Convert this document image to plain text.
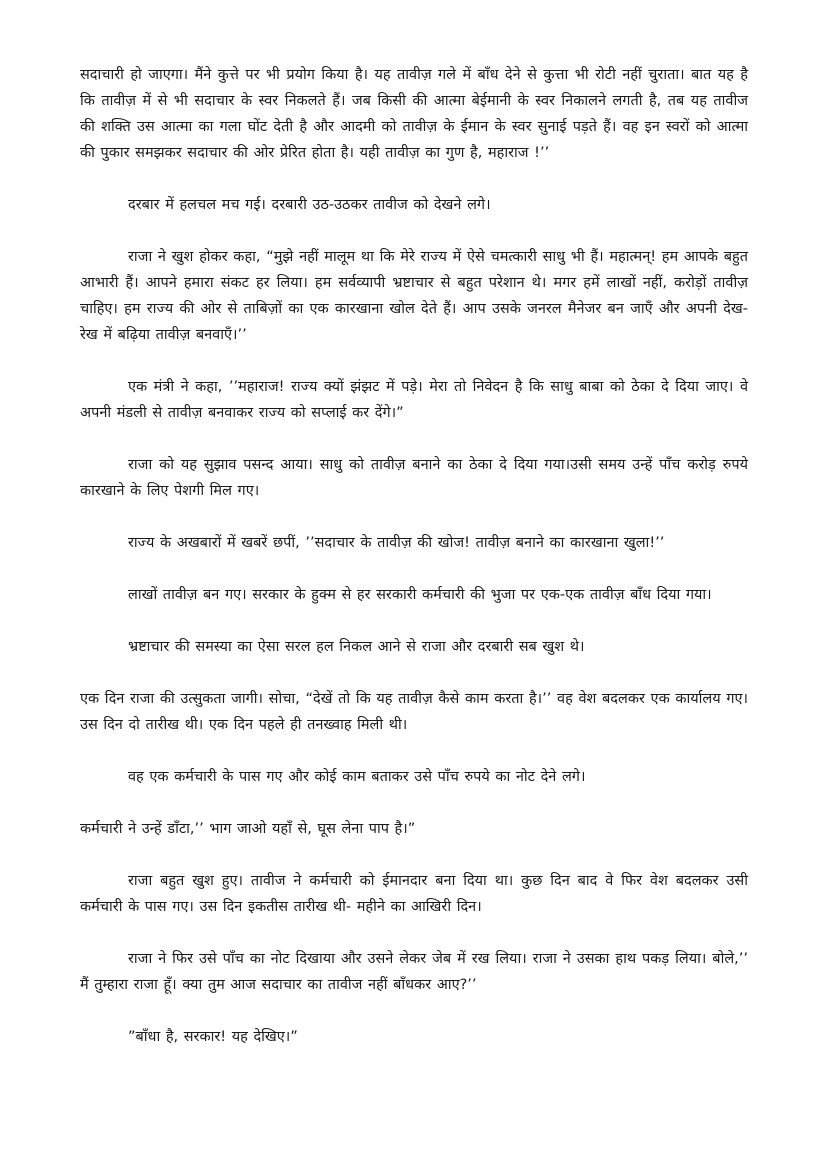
सदाचारी हो जाएगा। मैंने कुत्ते पर भी प्रयोग किया है। यह तावीज़ गले में बाँध देने से कुत्ता भी रोटी नहीं चुराता। बात यह है कि तावीज़ में से भी सदाचार के स्वर निकलते हैं। जब किसी की आत्मा बेईमानी के स्वर निकालने लगती है, तब यह तावीज की शक्ति उस आत्मा का गला घोंट देती है और आदमी को तावीज़ के ईमान के स्वर सुनाई पड़ते हैं। वह इन स्वरों को आत्मा की पुकार समझकर सदाचार की ओर प्रेरित होता है। यही तावीज़ का गुण है, महाराज !’’

दरबार में हलचल मच गई। दरबारी उठ-उठकर तावीज को देखने लगे।

राजा ने खुश होकर कहा, “मुझे नहीं मालूम था कि मेरे राज्य में ऐसे चमत्कारी साधु भी हैं। महात्मन्! हम आपके बहुत आभारी हैं। आपने हमारा संकट हर लिया। हम सर्वव्यापी भ्रष्टाचार से बहुत परेशान थे। मगर हमें लाखों नहीं, करोड़ों तावीज़ चाहिए। हम राज्य की ओर से ताबिज़ों का एक कारखाना खोल देते हैं। आप उसके जनरल मैनेजर बन जाएँ और अपनी देख-रेख में बढ़िया तावीज़ बनवाएँ।’’

एक मंत्री ने कहा, ’’महाराज! राज्य क्यों झंझट में पड़े। मेरा तो निवेदन है कि साधु बाबा को ठेका दे दिया जाए। वे अपनी मंडली से तावीज़ बनवाकर राज्य को सप्लाई कर देंगे।”

राजा को यह सुझाव पसन्द आया। साधु को तावीज़ बनाने का ठेका दे दिया गया।उसी समय उन्हें पाँच करोड़ रुपये कारखाने के लिए पेशगी मिल गए।

राज्य के अखबारों में खबरें छपीं, ’’सदाचार के तावीज़ की खोज! तावीज़ बनाने का कारखाना खुला!’’

लाखों तावीज़ बन गए। सरकार के हुक्म से हर सरकारी कर्मचारी की भुजा पर एक-एक तावीज़ बाँध दिया गया।

भ्रष्टाचार की समस्या का ऐसा सरल हल निकल आने से राजा और दरबारी सब खुश थे।

एक दिन राजा की उत्सुकता जागी। सोचा, “देखें तो कि यह तावीज़ कैसे काम करता है।’’ वह वेश बदलकर एक कार्यालय गए। उस दिन दो तारीख थी। एक दिन पहले ही तनख्वाह मिली थी।

वह एक कर्मचारी के पास गए और कोई काम बताकर उसे पाँच रुपये का नोट देने लगे।

कर्मचारी ने उन्हें डाँटा,’’ भाग जाओ यहाँ से, घूस लेना पाप है।”

राजा बहुत खुश हुए। तावीज ने कर्मचारी को ईमानदार बना दिया था। कुछ दिन बाद वे फिर वेश बदलकर उसी कर्मचारी के पास गए। उस दिन इकतीस तारीख थी- महीने का आखिरी दिन।

राजा ने फिर उसे पाँच का नोट दिखाया और उसने लेकर जेब में रख लिया। राजा ने उसका हाथ पकड़ लिया। बोले,’’ मैं तुम्हारा राजा हूँ। क्या तुम आज सदाचार का तावीज नहीं बाँधकर आए?’’

”बाँधा है, सरकार! यह देखिए।”
